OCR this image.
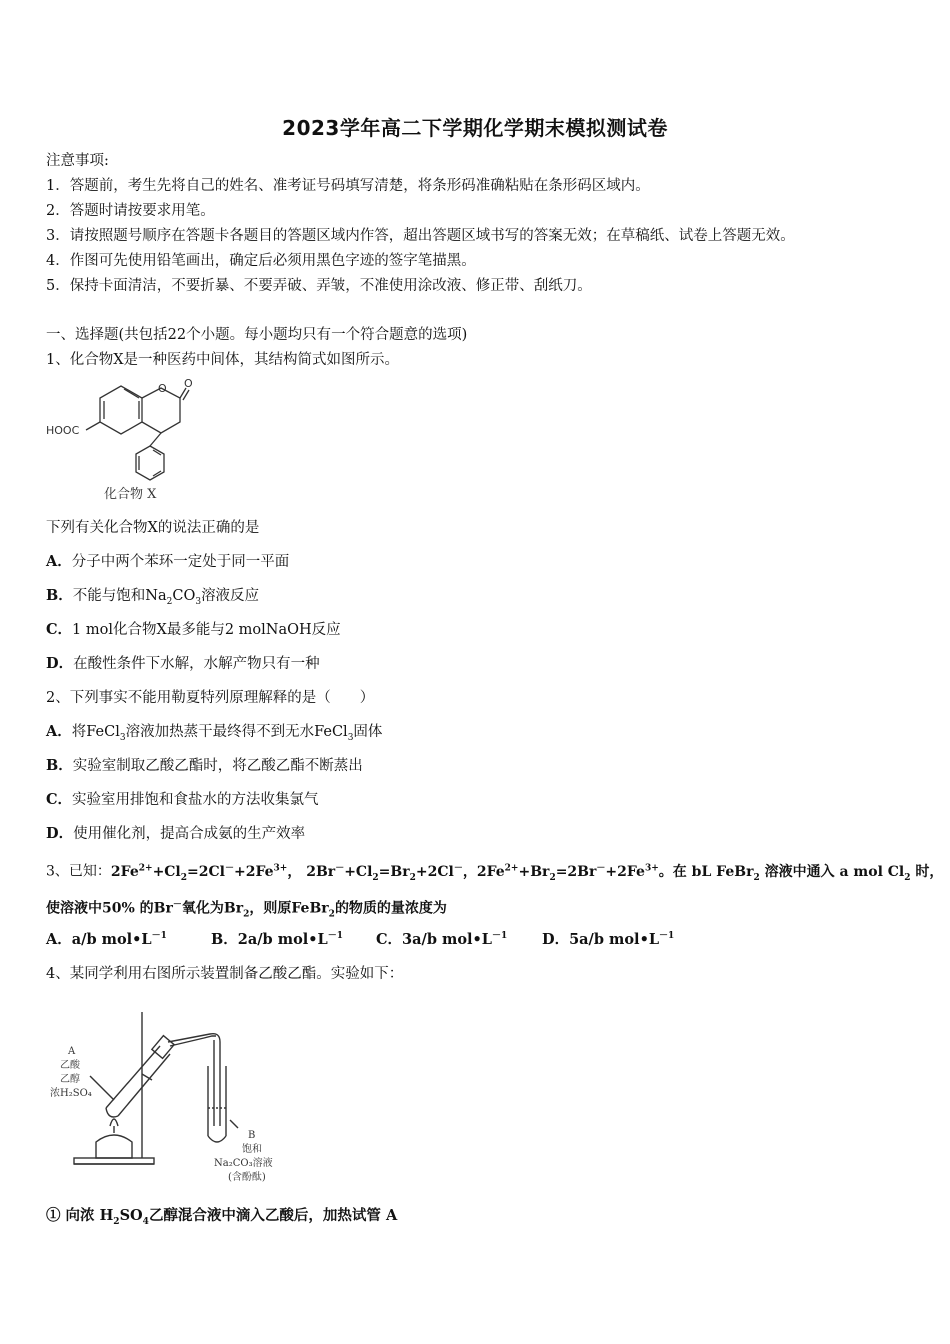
2023学年高二下学期化学期末模拟测试卷
注意事项:
1．答题前，考生先将自己的姓名、准考证号码填写清楚，将条形码准确粘贴在条形码区域内。
2．答题时请按要求用笔。
3．请按照题号顺序在答题卡各题目的答题区域内作答，超出答题区域书写的答案无效；在草稿纸、试卷上答题无效。
4．作图可先使用铅笔画出，确定后必须用黑色字迹的签字笔描黑。
5．保持卡面清洁，不要折暴、不要弄破、弄皱，不准使用涂改液、修正带、刮纸刀。
一、选择题(共包括22个小题。每小题均只有一个符合题意的选项)
1、化合物X是一种医药中间体，其结构简式如图所示。
O O
HOOC
化合物 X
下列有关化合物X的说法正确的是
A．分子中两个苯环一定处于同一平面
B．不能与饱和$Na_2CO_3$溶液反应
C．1 mol化合物X最多能与2 molNaOH反应
D．在酸性条件下水解，水解产物只有一种
2、下列事实不能用勒夏特列原理解释的是（　　）
A．将FeCl$_3$溶液加热蒸干最终得不到无水FeCl$_3$固体
B．实验室制取乙酸乙酯时，将乙酸乙酯不断蒸出
C．实验室用排饱和食盐水的方法收集氯气
D．使用催化剂，提高合成氨的生产效率
3、已知：$2Fe^{2+}+Cl_2=2Cl^-+2Fe^{3+}$， $2Br^-+Cl_2=Br_2+2Cl^-$，$2Fe^{2+}+Br_2=2Br^-+2Fe^{3+}$。在 bL FeBr$_2$ 溶液中通入 a mol $Cl_2$ 时，
使溶液中50% 的Br－氧化为$Br_2$，则原FeBr$_2$的物质的量浓度为
A．a/b $mol•L^{-1}$	B．2a/b $mol•L^{-1}$ C．3a/b $mol•L^{-1}$ D．5a/b $mol•L^{-1}$
4、某同学利用右图所示装置制备乙酸乙酯。实验如下：
A
乙酸
乙醇
浓H₂SO₄
B
饱和
Na₂CO₃溶液
(含酚酞)
① 向浓 $H_2SO_4$乙醇混合液中滴入乙酸后，加热试管 A
